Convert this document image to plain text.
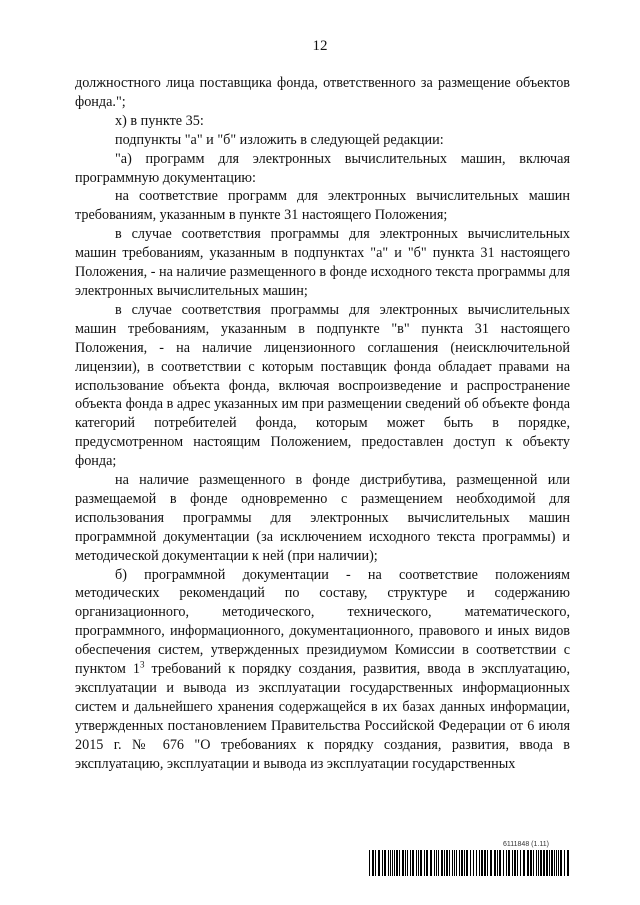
12

должностного лица поставщика фонда, ответственного за размещение объектов фонда.";

х) в пункте 35:

подпункты "а" и "б" изложить в следующей редакции:

"а) программ для электронных вычислительных машин, включая программную документацию:

на соответствие программ для электронных вычислительных машин требованиям, указанным в пункте 31 настоящего Положения;

в случае соответствия программы для электронных вычислительных машин требованиям, указанным в подпунктах "а" и "б" пункта 31 настоящего Положения, - на наличие размещенного в фонде исходного текста программы для электронных вычислительных машин;

в случае соответствия программы для электронных вычислительных машин требованиям, указанным в подпункте "в" пункта 31 настоящего Положения, - на наличие лицензионного соглашения (неисключительной лицензии), в соответствии с которым поставщик фонда обладает правами на использование объекта фонда, включая воспроизведение и распространение объекта фонда в адрес указанных им при размещении сведений об объекте фонда категорий потребителей фонда, которым может быть в порядке, предусмотренном настоящим Положением, предоставлен доступ к объекту фонда;

на наличие размещенного в фонде дистрибутива, размещенной или размещаемой в фонде одновременно с размещением необходимой для использования программы для электронных вычислительных машин программной документации (за исключением исходного текста программы) и методической документации к ней (при наличии);

б) программной документации - на соответствие положениям методических рекомендаций по составу, структуре и содержанию организационного, методического, технического, математического, программного, информационного, документационного, правового и иных видов обеспечения систем, утвержденных президиумом Комиссии в соответствии с пунктом $1^3$ требований к порядку создания, развития, ввода в эксплуатацию, эксплуатации и вывода из эксплуатации государственных информационных систем и дальнейшего хранения содержащейся в их базах данных информации, утвержденных постановлением Правительства Российской Федерации от 6 июля 2015 г. № 676 "О требованиях к порядку создания, развития, ввода в эксплуатацию, эксплуатации и вывода из эксплуатации государственных

6111848 (1.11)
